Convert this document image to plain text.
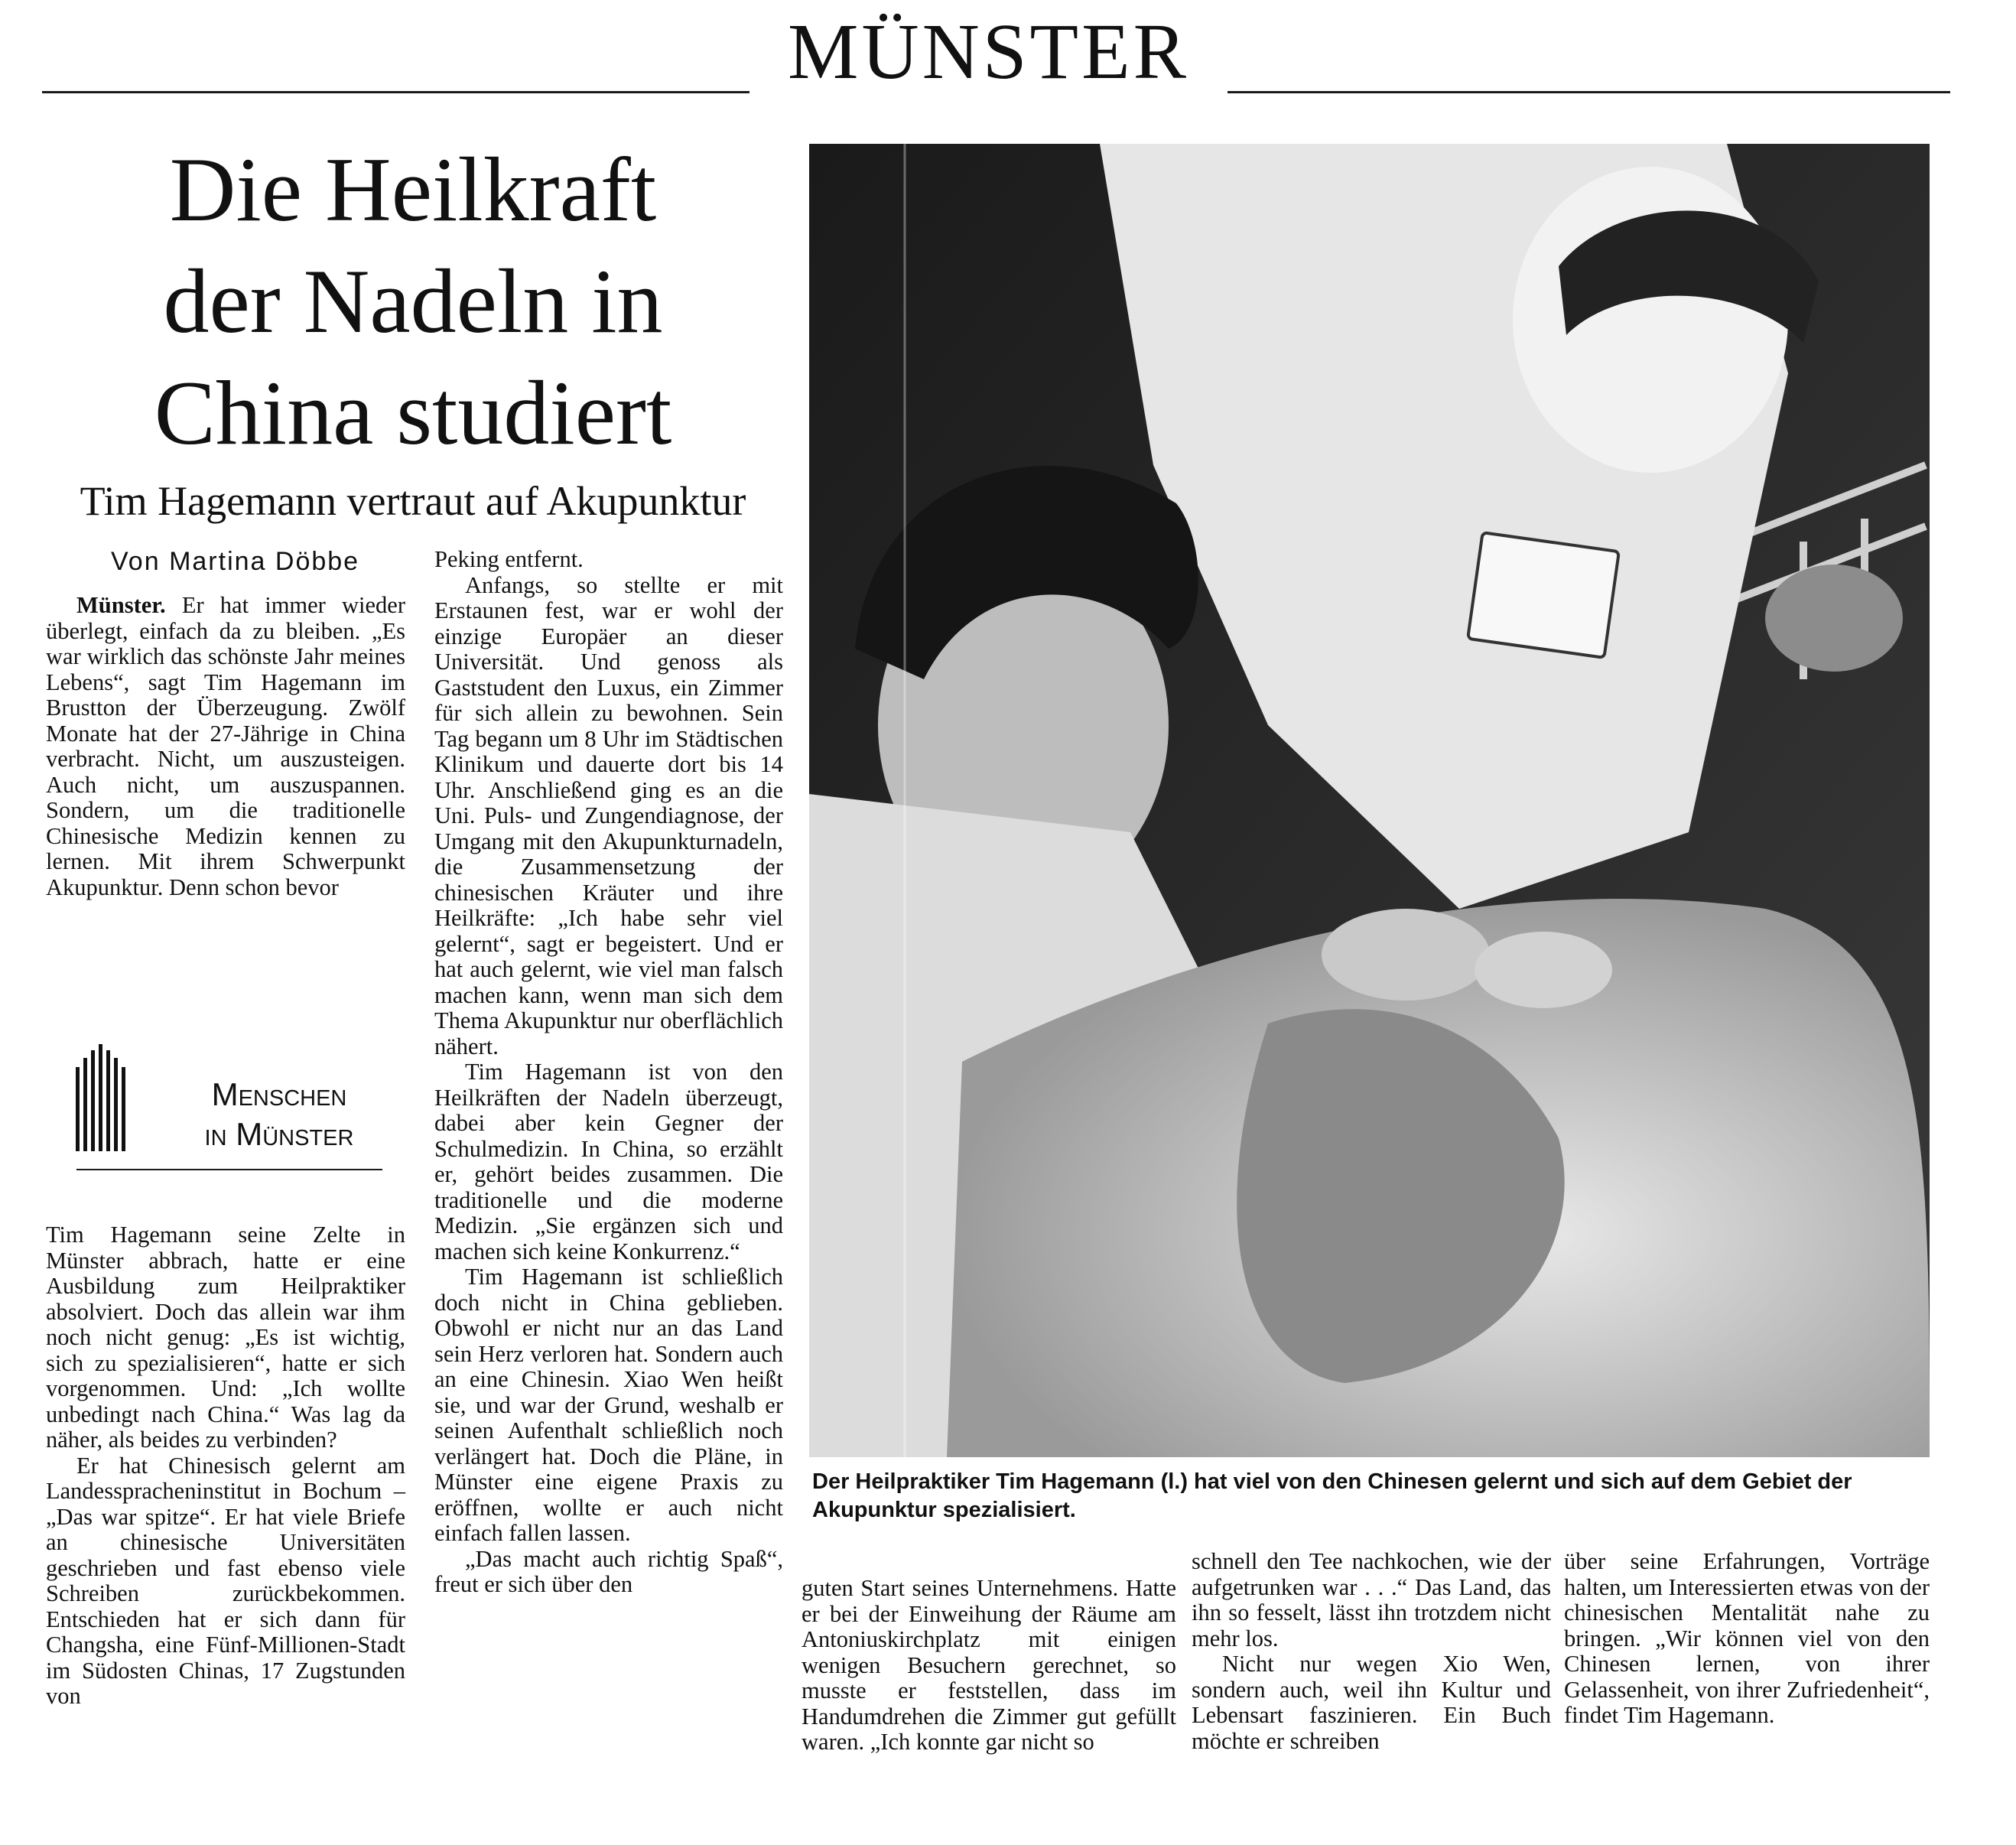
MÜNSTER
Die Heilkraft
der Nadeln in
China studiert
Tim Hagemann vertraut auf Akupunktur
Von Martina Döbbe

Münster. Er hat immer wieder überlegt, einfach da zu bleiben. „Es war wirklich das schönste Jahr meines Lebens“, sagt Tim Hagemann im Brustton der Überzeugung. Zwölf Monate hat der 27-Jährige in China verbracht. Nicht, um auszusteigen. Auch nicht, um auszuspannen. Sondern, um die traditionelle Chinesische Medizin kennen zu lernen. Mit ihrem Schwerpunkt Akupunktur. Denn schon bevor

Menschen
in Münster

Tim Hagemann seine Zelte in Münster abbrach, hatte er eine Ausbildung zum Heilpraktiker absolviert. Doch das allein war ihm noch nicht genug: „Es ist wichtig, sich zu spezialisieren“, hatte er sich vorgenommen. Und: „Ich wollte unbedingt nach China.“ Was lag da näher, als beides zu verbinden?

Er hat Chinesisch gelernt am Landesspracheninstitut in Bochum – „Das war spitze“. Er hat viele Briefe an chinesische Universitäten geschrieben und fast ebenso viele Schreiben zurückbekommen. Entschieden hat er sich dann für Changsha, eine Fünf-Millionen-Stadt im Südosten Chinas, 17 Zugstunden von

Peking entfernt.

Anfangs, so stellte er mit Erstaunen fest, war er wohl der einzige Europäer an dieser Universität. Und genoss als Gaststudent den Luxus, ein Zimmer für sich allein zu bewohnen. Sein Tag begann um 8 Uhr im Städtischen Klinikum und dauerte dort bis 14 Uhr. Anschließend ging es an die Uni. Puls- und Zungendiagnose, der Umgang mit den Akupunkturnadeln, die Zusammensetzung der chinesischen Kräuter und ihre Heilkräfte: „Ich habe sehr viel gelernt“, sagt er begeistert. Und er hat auch gelernt, wie viel man falsch machen kann, wenn man sich dem Thema Akupunktur nur oberflächlich nähert.

Tim Hagemann ist von den Heilkräften der Nadeln überzeugt, dabei aber kein Gegner der Schulmedizin. In China, so erzählt er, gehört beides zusammen. Die traditionelle und die moderne Medizin. „Sie ergänzen sich und machen sich keine Konkurrenz.“

Tim Hagemann ist schließlich doch nicht in China geblieben. Obwohl er nicht nur an das Land sein Herz verloren hat. Sondern auch an eine Chinesin. Xiao Wen heißt sie, und war der Grund, weshalb er seinen Aufenthalt schließlich noch verlängert hat. Doch die Pläne, in Münster eine eigene Praxis zu eröffnen, wollte er auch nicht einfach fallen lassen.

„Das macht auch richtig Spaß“, freut er sich über den

Der Heilpraktiker Tim Hagemann (l.) hat viel von den Chinesen gelernt und sich auf dem Gebiet der Akupunktur spezialisiert.

guten Start seines Unternehmens. Hatte er bei der Einweihung der Räume am Antoniuskirchplatz mit einigen wenigen Besuchern gerechnet, so musste er feststellen, dass im Handumdrehen die Zimmer gut gefüllt waren. „Ich konnte gar nicht so

schnell den Tee nachkochen, wie der aufgetrunken war . . .“ Das Land, das ihn so fesselt, lässt ihn trotzdem nicht mehr los.

Nicht nur wegen Xio Wen, sondern auch, weil ihn Kultur und Lebensart faszinieren. Ein Buch möchte er schreiben

über seine Erfahrungen, Vorträge halten, um Interessierten etwas von der chinesischen Mentalität nahe zu bringen. „Wir können viel von den Chinesen lernen, von ihrer Gelassenheit, von ihrer Zufriedenheit“, findet Tim Hagemann.
